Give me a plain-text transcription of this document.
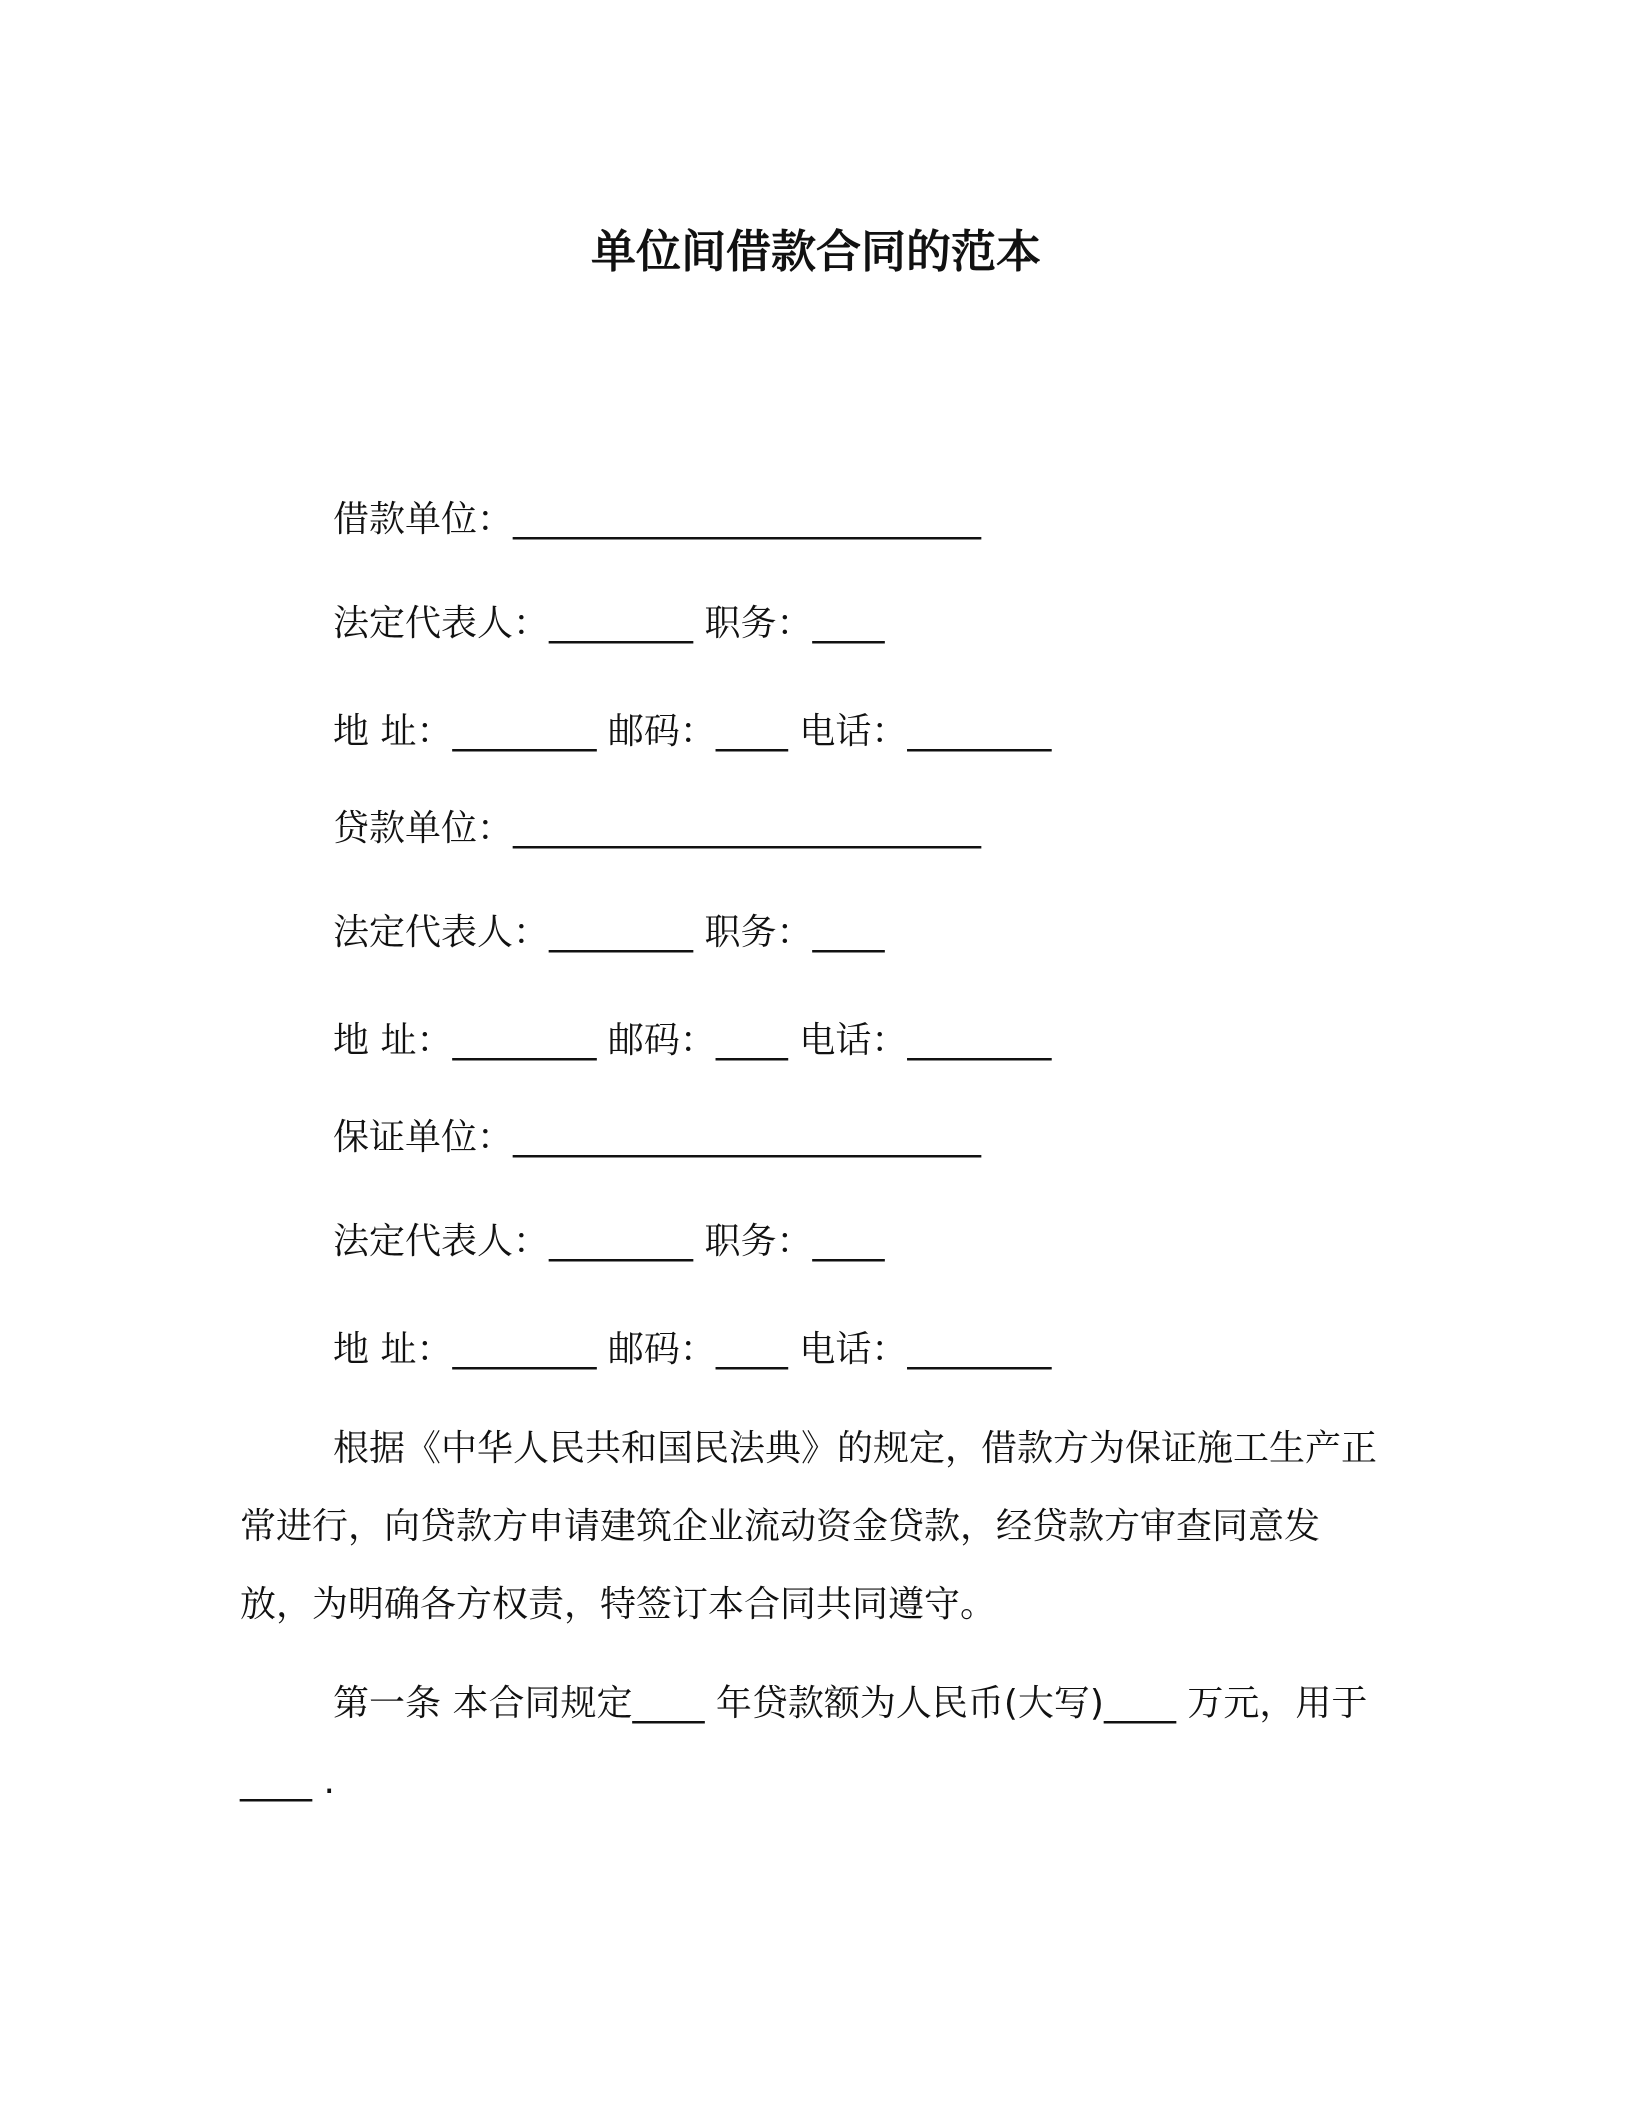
单位间借款合同的范本
借款单位：__________________________
法定代表人：________ 职务：____
地 址：________ 邮码：____ 电话：________
贷款单位：__________________________
法定代表人：________ 职务：____
地 址：________ 邮码：____ 电话：________
保证单位：__________________________
法定代表人：________ 职务：____
地 址：________ 邮码：____ 电话：________
根据《中华人民共和国民法典》的规定，借款方为保证施工生产正常进行，向贷款方申请建筑企业流动资金贷款，经贷款方审查同意发放，为明确各方权责，特签订本合同共同遵守。
第一条 本合同规定____ 年贷款额为人民币(大写)____ 万元，用于____ .
